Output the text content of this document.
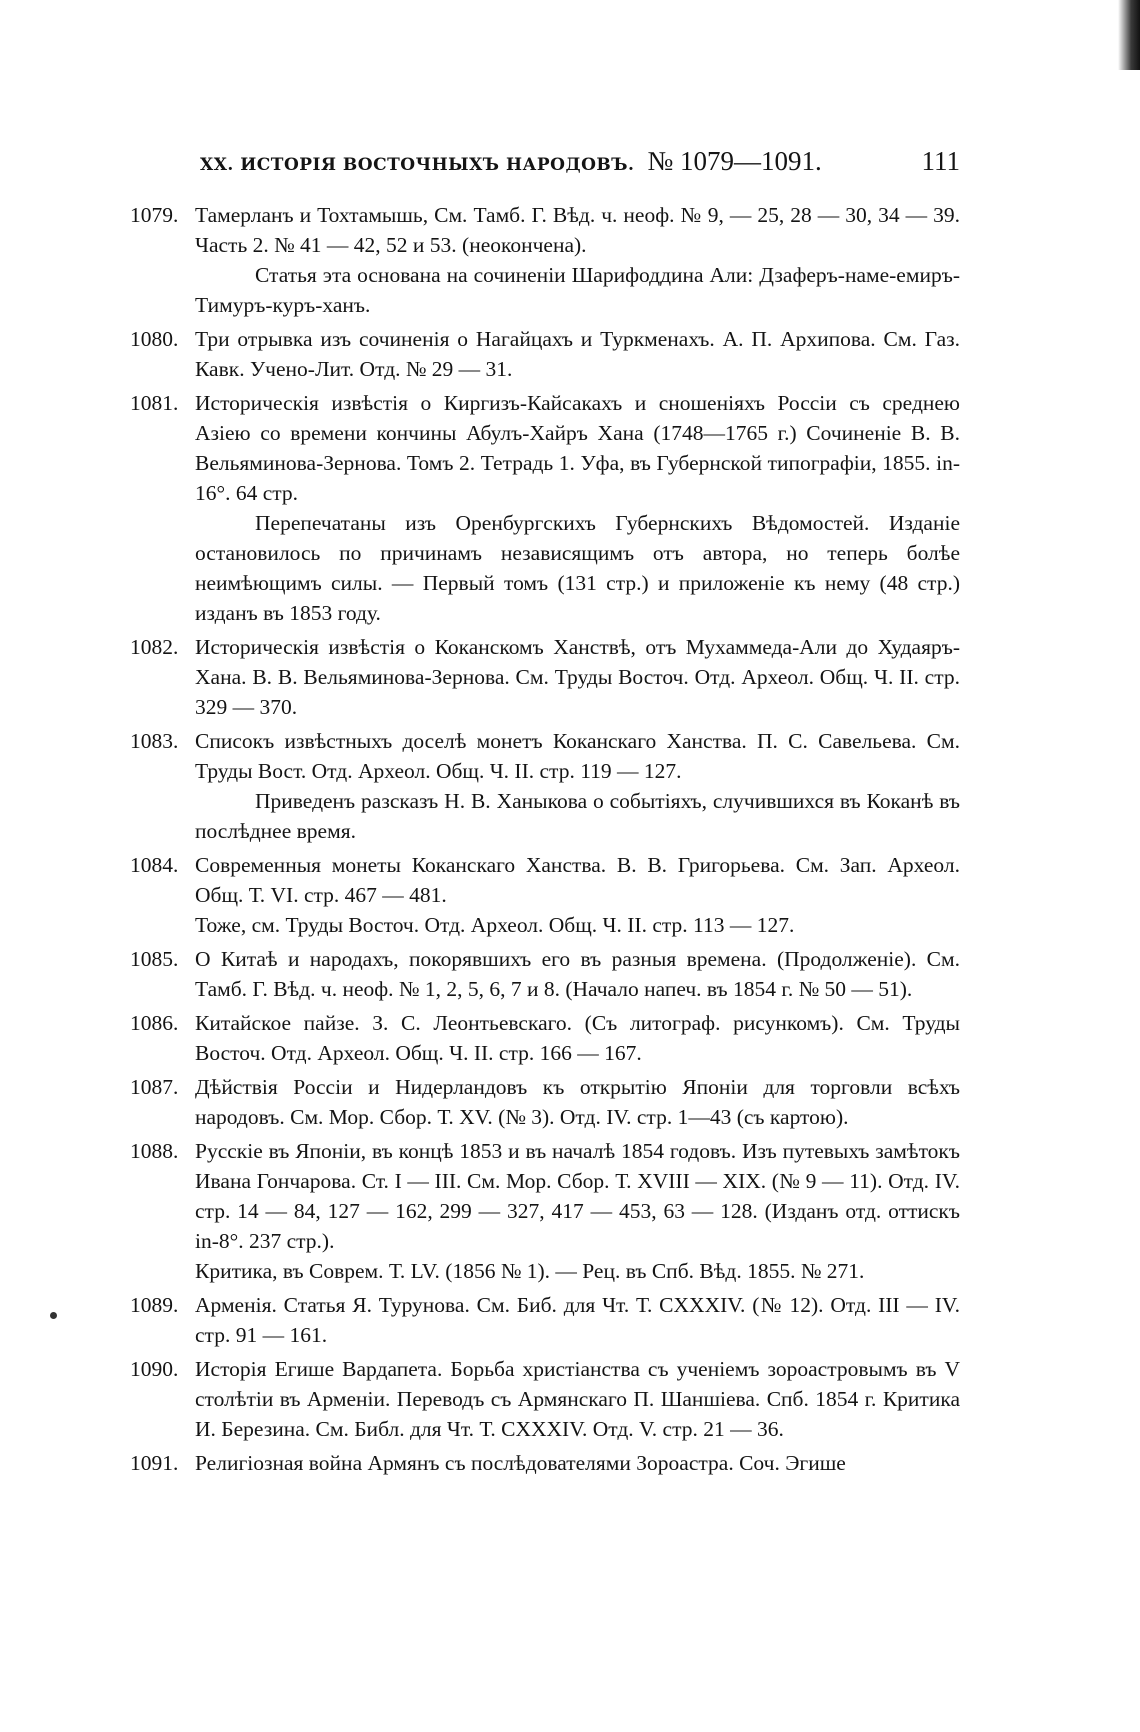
XX. ИСТОРІЯ ВОСТОЧНЫХЪ НАРОДОВЪ. № 1079—1091.	111
1079. Тамерланъ и Тохтамышь, См. Тамб. Г. Вѣд. ч. неоф. № 9, — 25, 28 — 30, 34 — 39. Часть 2. № 41 — 42, 52 и 53. (неокончена).

Статья эта основана на сочиненіи Шарифоддина Али: Дзаферъ-наме-емиръ-Тимуръ-куръ-ханъ.

1080. Три отрывка изъ сочиненія о Нагайцахъ и Туркменахъ. А. П. Архипова. См. Газ. Кавк. Ученo-Лит. Отд. № 29 — 31.

1081. Историческія извѣстія о Киргизъ-Кайсакахъ и сношеніяхъ Россіи съ среднею Азіею со времени кончины Абулъ-Хайръ Хана (1748—1765 г.) Сочиненіе В. В. Вельяминова-Зернова. Томъ 2. Тетрадь 1. Уфа, въ Губернской типографіи, 1855. in-16°. 64 стр.

Перепечатаны изъ Оренбургскихъ Губернскихъ Вѣдомостей. Изданіе остановилось по причинамъ независящимъ отъ автора, но теперь болѣе неимѣющимъ силы. — Первый томъ (131 стр.) и приложеніе къ нему (48 стр.) изданъ въ 1853 году.

1082. Историческія извѣстія о Коканскомъ Ханствѣ, отъ Мухаммеда-Али до Худаяръ-Хана. В. В. Вельяминова-Зернова. См. Труды Восточ. Отд. Археол. Общ. Ч. II. стр. 329 — 370.

1083. Списокъ извѣстныхъ доселѣ монетъ Коканскаго Ханства. П. С. Савельева. См. Труды Вост. Отд. Археол. Общ. Ч. II. стр. 119 — 127.

Приведенъ разсказъ Н. В. Ханыкова о событіяхъ, случившихся въ Коканѣ въ послѣднее время.

1084. Современныя монеты Коканскаго Ханства. В. В. Григорьева. См. Зап. Археол. Общ. Т. VI. стр. 467 — 481.

Тоже, см. Труды Восточ. Отд. Археол. Общ. Ч. II. стр. 113 — 127.

1085. О Китаѣ и народахъ, покорявшихъ его въ разныя времена. (Продолженіе). См. Тамб. Г. Вѣд. ч. неоф. № 1, 2, 5, 6, 7 и 8. (Начало напеч. въ 1854 г. № 50 — 51).

1086. Китайское пайзе. З. С. Леонтьевскаго. (Съ литограф. рисункомъ). См. Труды Восточ. Отд. Археол. Общ. Ч. II. стр. 166 — 167.

1087. Дѣйствія Россіи и Нидерландовъ къ открытію Японіи для торговли всѣхъ народовъ. См. Мор. Сбор. Т. XV. (№ 3). Отд. IV. стр. 1—43 (съ картою).

1088. Русскіе въ Японіи, въ концѣ 1853 и въ началѣ 1854 годовъ. Изъ путевыхъ замѣтокъ Ивана Гончарова. Ст. I — III. См. Мор. Сбор. Т. XVIII — XIX. (№ 9 — 11). Отд. IV. стр. 14 — 84, 127 — 162, 299 — 327, 417 — 453, 63 — 128. (Изданъ отд. оттискъ in-8°. 237 стр.).

Критика, въ Соврем. Т. LV. (1856 № 1). — Рец. въ Спб. Вѣд. 1855. № 271.

1089. Арменія. Статья Я. Турунова. См. Биб. для Чт. Т. CXXXIV. (№ 12). Отд. III — IV. стр. 91 — 161.

1090. Исторія Егише Вардапета. Борьба христіанства съ ученіемъ зороастровымъ въ V столѣтіи въ Арменіи. Переводъ съ Армянскаго П. Шаншіева. Спб. 1854 г. Критика И. Березина. См. Библ. для Чт. Т. CXXXIV. Отд. V. стр. 21 — 36.

1091. Религіозная война Армянъ съ послѣдователями Зороастра. Соч. Эгише
